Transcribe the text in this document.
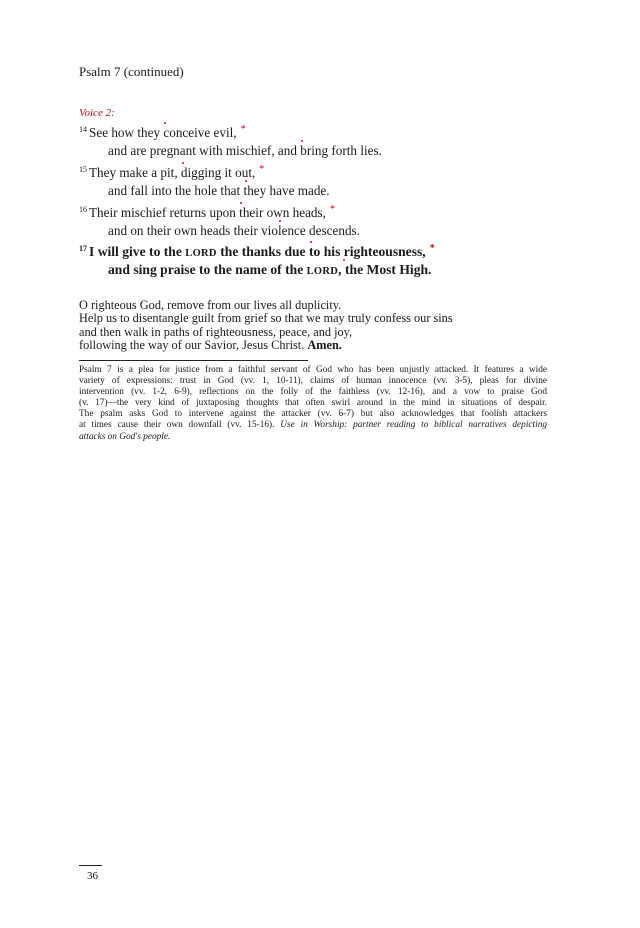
Psalm 7 (continued)
Voice 2:
$^{14}$ See how they conceive evil, *
and are pregnant with mischief, and bring forth lies.
$^{15}$ They make a pit, digging it out, *
and fall into the hole that they have made.
$^{16}$ Their mischief returns upon their own heads, *
and on their own heads their violence descends.
$^{17}$ I will give to the LORD the thanks due to his righteousness, *
and sing praise to the name of the LORD, the Most High.
O righteous God, remove from our lives all duplicity.
Help us to disentangle guilt from grief so that we may truly confess our sins
and then walk in paths of righteousness, peace, and joy,
following the way of our Savior, Jesus Christ. Amen.
Psalm 7 is a plea for justice from a faithful servant of God who has been unjustly attacked. It features a wide
variety of expressions: trust in God (vv. 1, 10-11), claims of human innocence (vv. 3-5), pleas for divine
intervention (vv. 1-2, 6-9), reflections on the folly of the faithless (vv. 12-16), and a vow to praise God
(v. 17)—the very kind of juxtaposing thoughts that often swirl around in the mind in situations of despair.
The psalm asks God to intervene against the attacker (vv. 6-7) but also acknowledges that foolish attackers
at times cause their own downfall (vv. 15-16). Use in Worship: partner reading to biblical narratives depicting
attacks on God's people.
36
